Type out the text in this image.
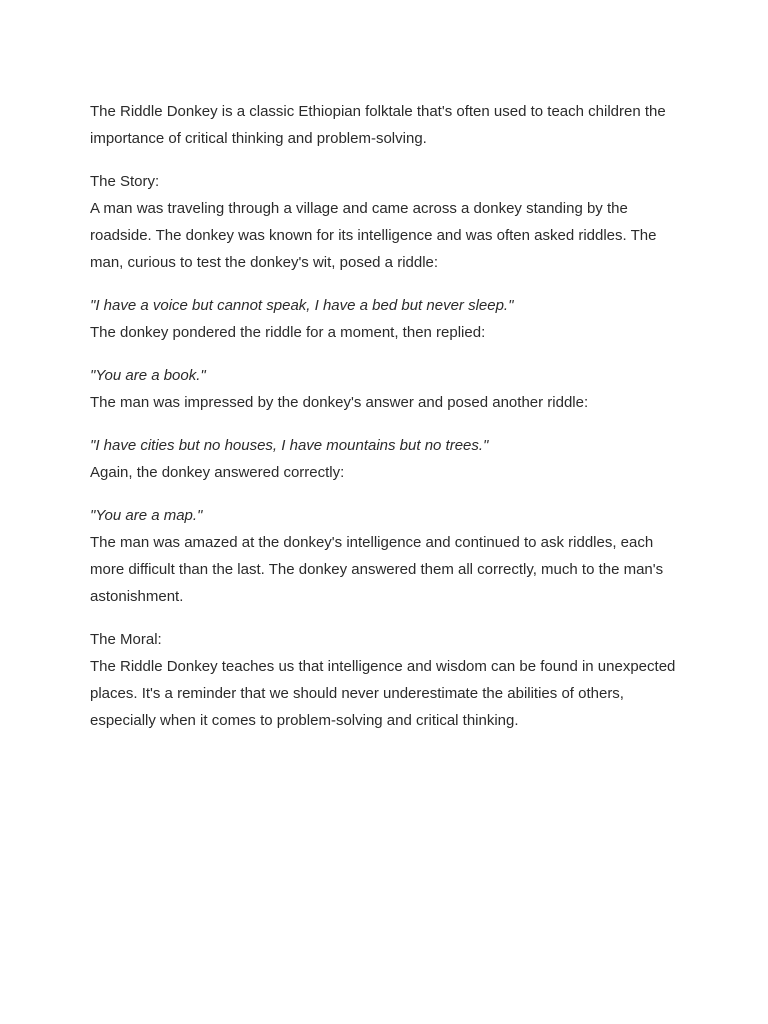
The Riddle Donkey is a classic Ethiopian folktale that's often used to teach children the importance of critical thinking and problem-solving.

The Story:
A man was traveling through a village and came across a donkey standing by the roadside. The donkey was known for its intelligence and was often asked riddles. The man, curious to test the donkey's wit, posed a riddle:

"I have a voice but cannot speak, I have a bed but never sleep."
The donkey pondered the riddle for a moment, then replied:

"You are a book."
The man was impressed by the donkey's answer and posed another riddle:

"I have cities but no houses, I have mountains but no trees."
Again, the donkey answered correctly:

"You are a map."
The man was amazed at the donkey's intelligence and continued to ask riddles, each more difficult than the last. The donkey answered them all correctly, much to the man's astonishment.

The Moral:
The Riddle Donkey teaches us that intelligence and wisdom can be found in unexpected places. It's a reminder that we should never underestimate the abilities of others, especially when it comes to problem-solving and critical thinking.
